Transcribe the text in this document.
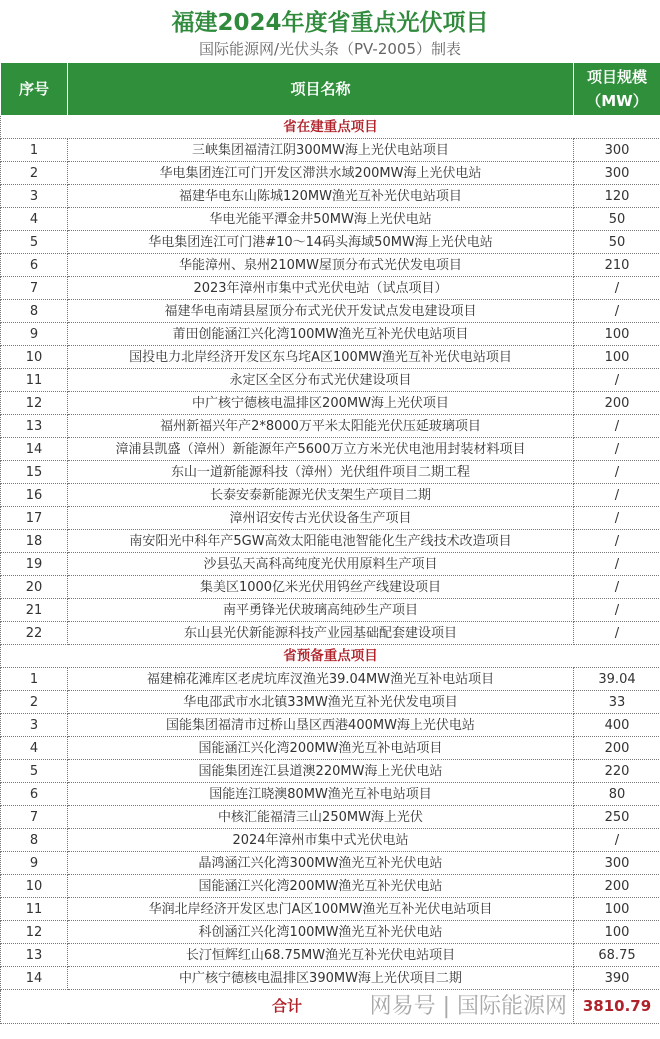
福建2024年度省重点光伏项目
国际能源网/光伏头条（PV-2005）制表
序号	项目名称	项目规模
（MW）
省在建重点项目		
1	三峡集团福清江阴300MW海上光伏电站项目	300
2	华电集团连江可门开发区滞洪水域200MW海上光伏电站	300
3	福建华电东山陈城120MW渔光互补光伏电站项目	120
4	华电光能平潭金井50MW海上光伏电站	50
5	华电集团连江可门港#10～14码头海域50MW海上光伏电站	50
6	华能漳州、泉州210MW屋顶分布式光伏发电项目	210
7	2023年漳州市集中式光伏电站（试点项目）	/
8	福建华电南靖县屋顶分布式光伏开发试点发电建设项目	/
9	莆田创能涵江兴化湾100MW渔光互补光伏电站项目	100
10	国投电力北岸经济开发区东乌垞A区100MW渔光互补光伏电站项目	100
11	永定区全区分布式光伏建设项目	/
12	中广核宁德核电温排区200MW海上光伏项目	200
13	福州新福兴年产2*8000万平米太阳能光伏压延玻璃项目	/
14	漳浦县凯盛（漳州）新能源年产5600万立方米光伏电池用封装材料项目	/
15	东山一道新能源科技（漳州）光伏组件项目二期工程	/
16	长泰安泰新能源光伏支架生产项目二期	/
17	漳州诏安传古光伏设备生产项目	/
18	南安阳光中科年产5GW高效太阳能电池智能化生产线技术改造项目	/
19	沙县弘天高科高纯度光伏用原料生产项目	/
20	集美区1000亿米光伏用钨丝产线建设项目	/
21	南平勇锋光伏玻璃高纯砂生产项目	/
22	东山县光伏新能源科技产业园基础配套建设项目	/
省预备重点项目		
1	福建棉花滩库区老虎坑库汊渔光39.04MW渔光互补电站项目	39.04
2	华电邵武市水北镇33MW渔光互补光伏发电项目	33
3	国能集团福清市过桥山垦区西港400MW海上光伏电站	400
4	国能涵江兴化湾200MW渔光互补电站项目	200
5	国能集团连江县道澳220MW海上光伏电站	220
6	国能连江晓澳80MW渔光互补电站项目	80
7	中核汇能福清三山250MW海上光伏	250
8	2024年漳州市集中式光伏电站	/
9	晶鸿涵江兴化湾300MW渔光互补光伏电站	300
10	国能涵江兴化湾200MW渔光互补光伏电站	200
11	华润北岸经济开发区忠门A区100MW渔光互补光伏电站项目	100
12	科创涵江兴化湾100MW渔光互补光伏电站	100
13	长汀恒辉红山68.75MW渔光互补光伏电站项目	68.75
14	中广核宁德核电温排区390MW海上光伏项目二期	390

合计 网易号 | 国际能源网		3810.79
